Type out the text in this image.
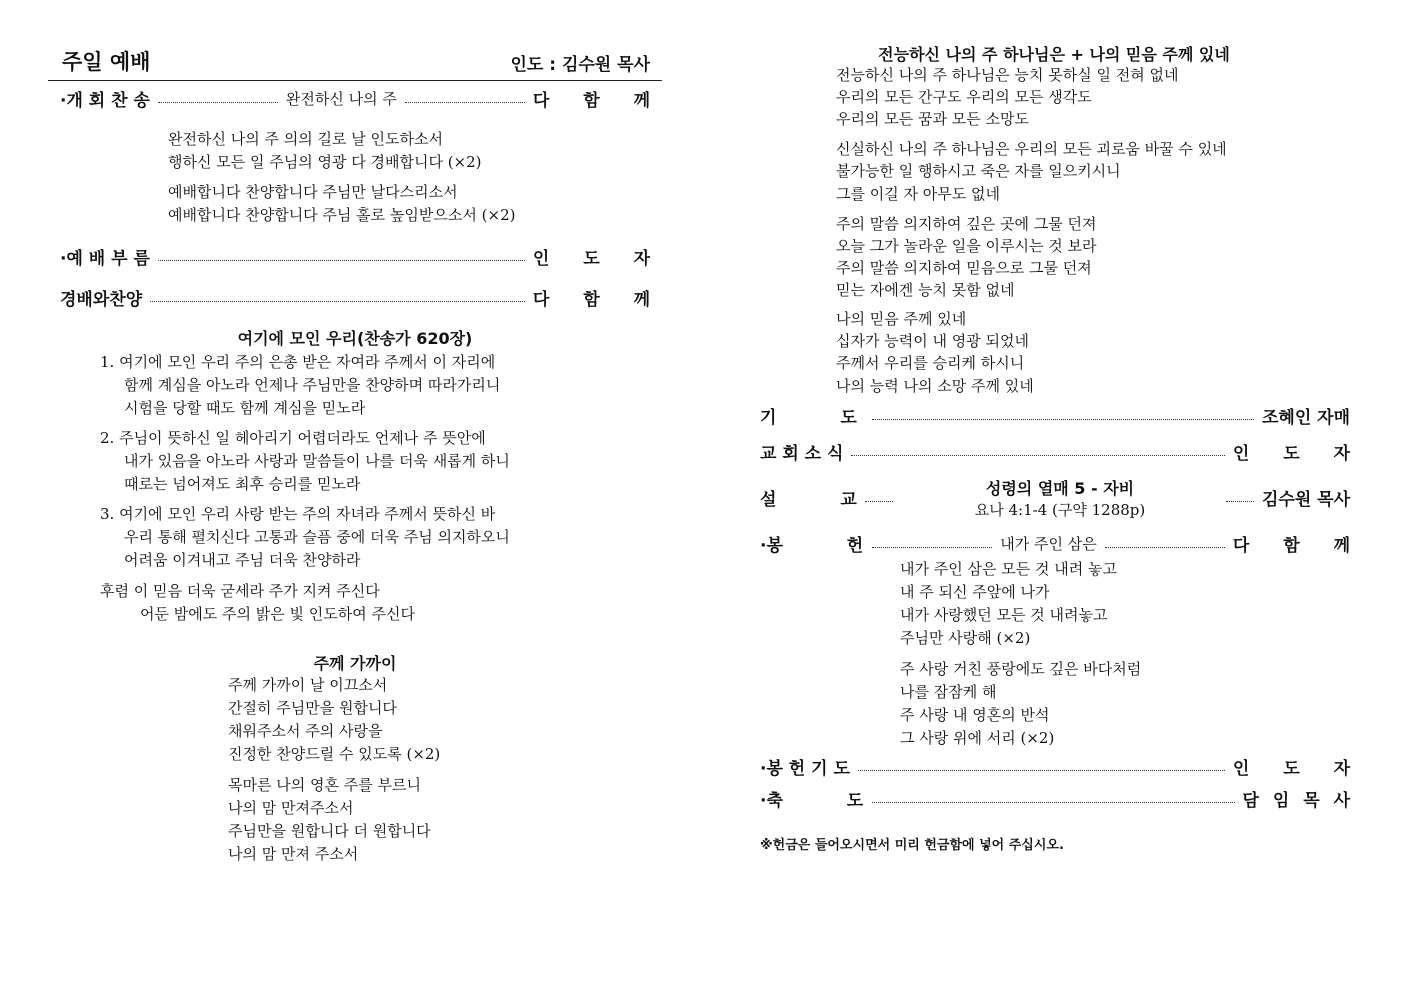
주일 예배	인도 : 김수원 목사
·개 회 찬 송	완전하신 나의 주	다 함 께
완전하신 나의 주 의의 길로 날 인도하소서
행하신 모든 일 주님의 영광 다 경배합니다 (×2)
예배합니다 찬양합니다 주님만 날다스리소서
예배합니다 찬양합니다 주님 홀로 높임받으소서 (×2)
·예 배 부 름	인 도 자
경배와찬양	다 함 께
여기에 모인 우리(찬송가 620장)
1. 여기에 모인 우리 주의 은총 받은 자여라 주께서 이 자리에
함께 계심을 아노라 언제나 주님만을 찬양하며 따라가리니
시험을 당할 때도 함께 계심을 믿노라
2. 주님이 뜻하신 일 헤아리기 어렵더라도 언제나 주 뜻안에
내가 있음을 아노라 사랑과 말씀들이 나를 더욱 새롭게 하니
때로는 넘어져도 최후 승리를 믿노라
3. 여기에 모인 우리 사랑 받는 주의 자녀라 주께서 뜻하신 바
우리 통해 펼치신다 고통과 슬픔 중에 더욱 주님 의지하오니
어려움 이겨내고 주님 더욱 찬양하라
후렴 이 믿음 더욱 굳세라 주가 지켜 주신다
어둔 밤에도 주의 밝은 빛 인도하여 주신다
주께 가까이
주께 가까이 날 이끄소서
간절히 주님만을 원합니다
채워주소서 주의 사랑을
진정한 찬양드릴 수 있도록 (×2)
목마른 나의 영혼 주를 부르니
나의 맘 만져주소서
주님만을 원합니다 더 원합니다
나의 맘 만져 주소서
전능하신 나의 주 하나님은 + 나의 믿음 주께 있네
전능하신 나의 주 하나님은 능치 못하실 일 전혀 없네
우리의 모든 간구도 우리의 모든 생각도
우리의 모든 꿈과 모든 소망도
신실하신 나의 주 하나님은 우리의 모든 괴로움 바꿀 수 있네
불가능한 일 행하시고 죽은 자를 일으키시니
그를 이길 자 아무도 없네
주의 말씀 의지하여 깊은 곳에 그물 던져
오늘 그가 놀라운 일을 이루시는 것 보라
주의 말씀 의지하여 믿음으로 그물 던져
믿는 자에겐 능치 못함 없네
나의 믿음 주께 있네
십자가 능력이 내 영광 되었네
주께서 우리를 승리케 하시니
나의 능력 나의 소망 주께 있네
기 도	조혜인 자매
교 회 소 식	인 도 자
설 교	김수원 목사
성령의 열매 5 - 자비
요나 4:1-4 (구약 1288p)
·봉 헌	내가 주인 삼은	다 함 께
내가 주인 삼은 모든 것 내려 놓고
내 주 되신 주앞에 나가
내가 사랑했던 모든 것 내려놓고
주님만 사랑해 (×2)
주 사랑 거친 풍랑에도 깊은 바다처럼
나를 잠잠케 해
주 사랑 내 영혼의 반석
그 사랑 위에 서리 (×2)
·봉 헌 기 도	인 도 자
·축 도	담 임 목 사
※헌금은 들어오시면서 미리 헌금함에 넣어 주십시오.
